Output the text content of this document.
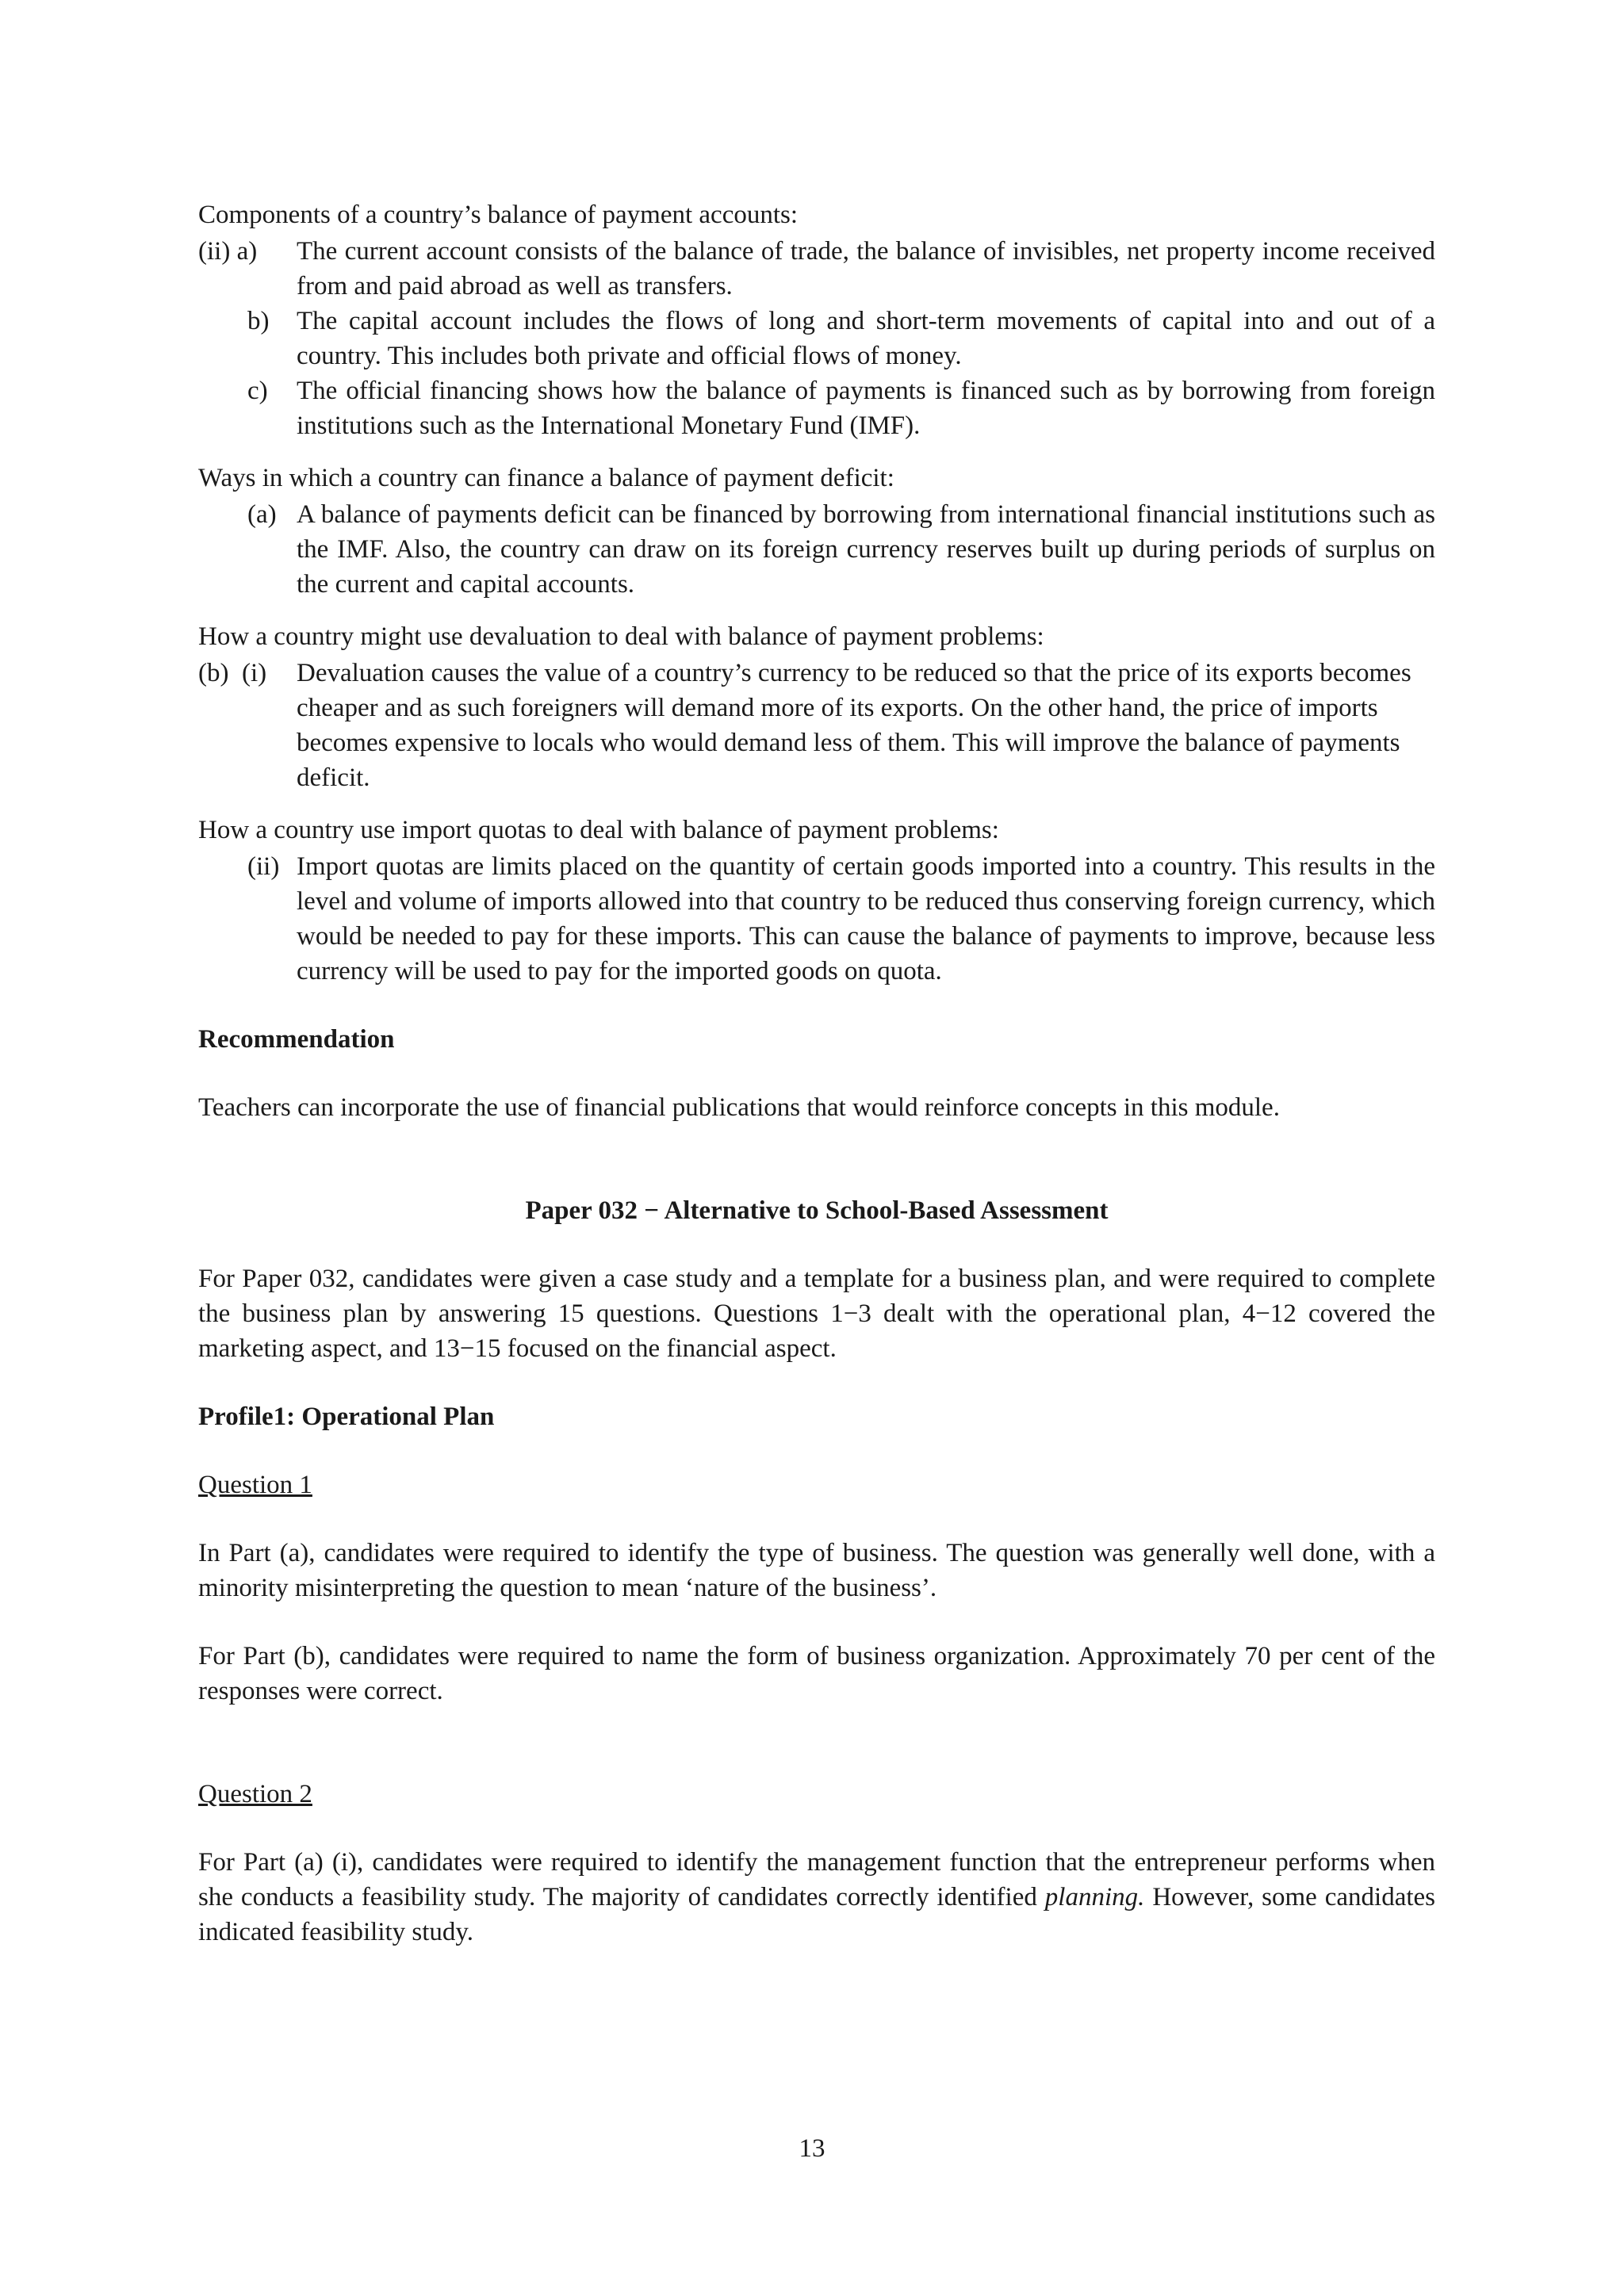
Components of a country’s balance of payment accounts:

(ii) a)	The current account consists of the balance of trade, the balance of invisibles, net property income received from and paid abroad as well as transfers.
b)	The capital account includes the flows of long and short-term movements of capital into and out of a country. This includes both private and official flows of money.
c)	The official financing shows how the balance of payments is financed such as by borrowing from foreign institutions such as the International Monetary Fund (IMF).

Ways in which a country can finance a balance of payment deficit:

(a) A balance of payments deficit can be financed by borrowing from international financial institutions such as the IMF. Also, the country can draw on its foreign currency reserves built up during periods of surplus on the current and capital accounts.

How a country might use devaluation to deal with balance of payment problems:

(b)  (i)	Devaluation causes the value of a country’s currency to be reduced so that the price of its exports becomes cheaper and as such foreigners will demand more of its exports. On the other hand, the price of imports becomes expensive to locals who would demand less of them. This will improve the balance of payments deficit.

How a country use import quotas to deal with balance of payment problems:

(ii) Import quotas are limits placed on the quantity of certain goods imported into a country. This results in the level and volume of imports allowed into that country to be reduced thus conserving foreign currency, which would be needed to pay for these imports. This can cause the balance of payments to improve, because less currency will be used to pay for the imported goods on quota.

Recommendation

Teachers can incorporate the use of financial publications that would reinforce concepts in this module.

Paper 032 − Alternative to School-Based Assessment

For Paper 032, candidates were given a case study and a template for a business plan, and were required to complete the business plan by answering 15 questions. Questions 1−3 dealt with the operational plan, 4−12 covered the marketing aspect, and 13−15 focused on the financial aspect.

Profile1: Operational Plan

Question 1

In Part (a), candidates were required to identify the type of business. The question was generally well done, with a minority misinterpreting the question to mean ‘nature of the business’.

For Part (b), candidates were required to name the form of business organization. Approximately 70 per cent of the responses were correct.

Question 2

For Part (a) (i), candidates were required to identify the management function that the entrepreneur performs when she conducts a feasibility study. The majority of candidates correctly identified planning. However, some candidates indicated feasibility study.

13
